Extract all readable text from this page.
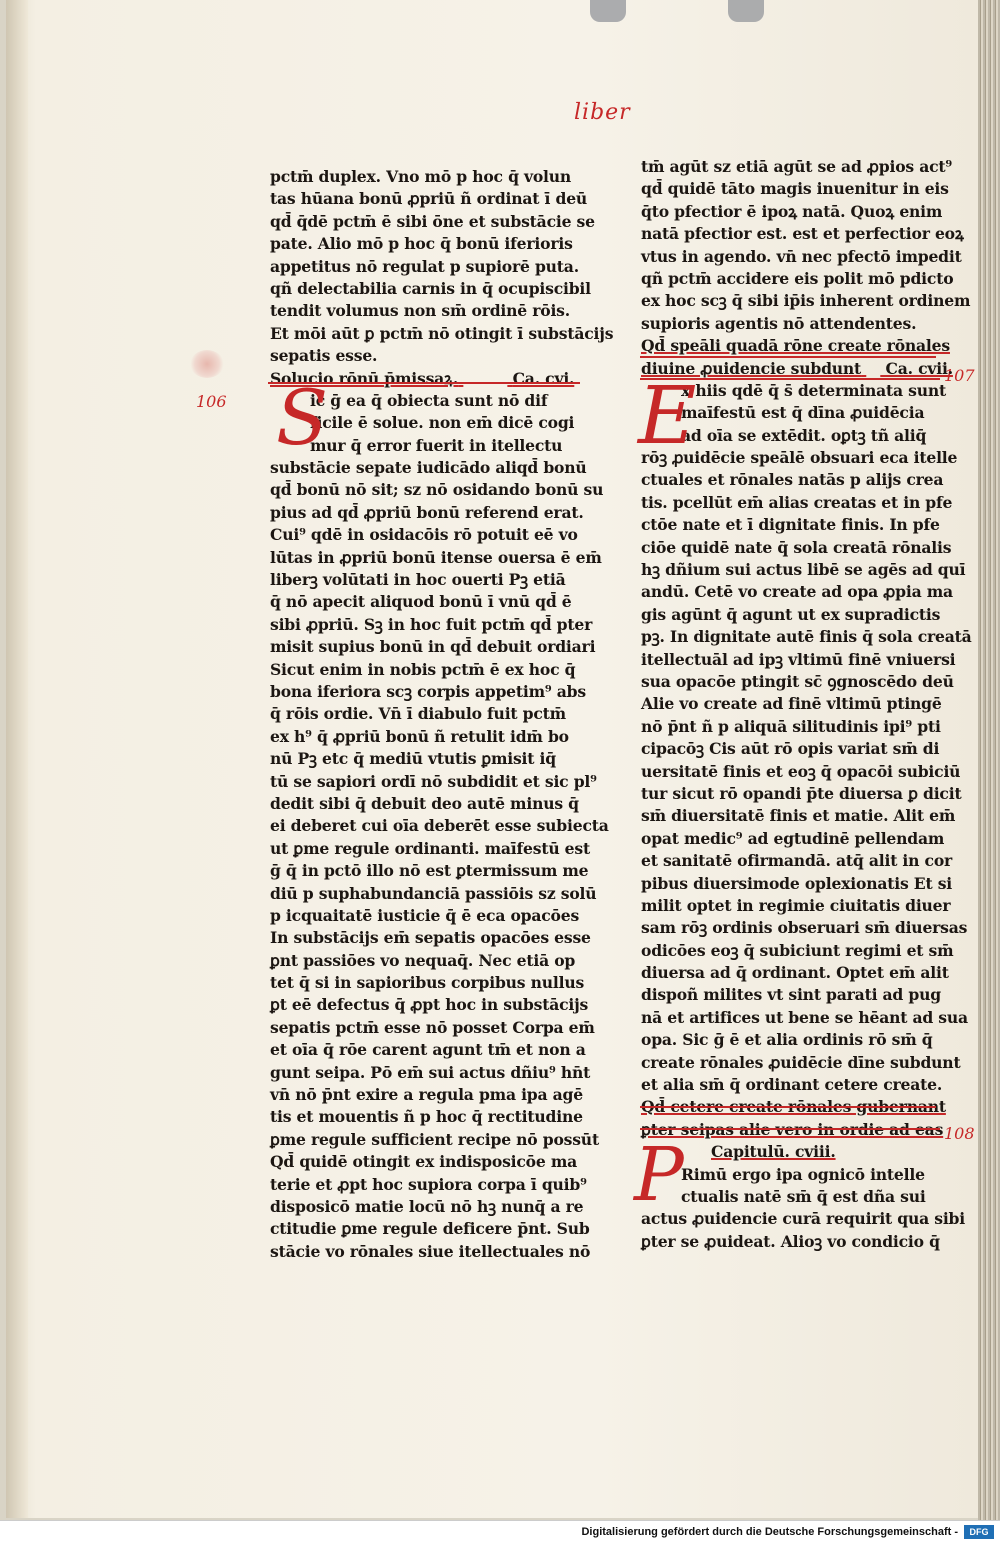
liber
106
107
108
pctm̄ duplex. Vno mō p hoc q̄ volun
tas hūana bonū ꝓpriū ñ ordinat ī deū
qd̄ q̄dē pctm̄ ē sibi ōne et substācie se
pate. Alio mō p hoc q̄ bonū iferioris
appetitus nō regulat p supiorē puta.
qñ delectabilia carnis in q̄ ocupiscibil
tendit volumus non sm̄ ordinē rōis.
Et mōi aūt ꝑ pctm̄ nō otingit ī substācijs
sepatis esse.
Solucio rōnū p̄missaꝝ.	Ca. cvi.
ic ḡ ea q̄ obiecta sunt nō dif
ficile ē solue. non em̄ dicē cogi
mur q̄ error fuerit in itellectu
substācie sepate iudicādo aliqd̄ bonū
qd̄ bonū nō sit; sz nō osidando bonū su
pius ad qd̄ ꝓpriū bonū referend erat.
Cui⁹ qdē in osidacōis rō potuit eē vo
lūtas in ꝓpriū bonū itense ouersa ē em̄
liberꝫ volūtati in hoc ouerti Pꝫ etiā
q̄ nō apecit aliquod bonū ī vnū qd̄ ē
sibi ꝓpriū. Sꝫ in hoc fuit pctm̄ qd̄ pter
misit supius bonū in qd̄ debuit ordiari
Sicut enim in nobis pctm̄ ē ex hoc q̄
bona iferiora scꝫ corpis appetim⁹ abs
q̄ rōis ordie. Vn̄ ī diabulo fuit pctm̄
ex h⁹ q̄ ꝓpriū bonū ñ retulit idm̄ bo
nū Pꝫ etc q̄ mediū vtutis ꝑmisit iq̄
tū se sapiori ordī nō subdidit et sic pl⁹
dedit sibi q̄ debuit deo autē minus q̄
ei deberet cui oīa deberēt esse subiecta
ut ꝑme regule ordinanti. maīfestū est
ḡ q̄ in pctō illo nō est ꝑtermissum me
diū p suphabundanciā passiōis sz solū
p icquaitatē iusticie q̄ ē eca opacōes
In substācijs em̄ sepatis opacōes esse
ꝑnt passiōes vo nequaq̄. Nec etiā op
tet q̄ si in sapioribus corpibus nullus
ꝑt eē defectus q̄ ꝓpt hoc in substācijs
sepatis pctm̄ esse nō posset Corpa em̄
et oīa q̄ rōe carent agunt tm̄ et non a
gunt seipa. Pō em̄ sui actus dñiu⁹ hn̄t
vn̄ nō p̄nt exire a regula pma ipa agē
tis et mouentis ñ p hoc q̄ rectitudine
ꝑme regule sufficient recipe nō possūt
Qd̄ quidē otingit ex indisposicōe ma
terie et ꝓpt hoc supiora corpa ī quib⁹
disposicō matie locū nō hꝫ nunq̄ a re
ctitudie ꝑme regule deficere p̄nt. Sub
stācie vo rōnales siue itellectuales nō
S
tm̄ agūt sz etiā agūt se ad ꝓpios act⁹
qd̄ quidē tāto magis inuenitur in eis
q̄to pfectior ē ipoꝝ natā. Quoꝝ enim
natā pfectior est. est et perfectior eoꝝ
vtus in agendo. vn̄ nec pfectō impedit
qñ pctm̄ accidere eis polit mō pdicto
ex hoc scꝫ q̄ sibi ip̄is inherent ordinem
supioris agentis nō attendentes.
Qd̄ speāli quadā rōne create rōnales
diuine ꝓuidencie subdunt Ca. cvii.
x hiis qdē q̄ s̄ determinata sunt
maīfestū est q̄ dīna ꝓuidēcia
ad oīa se extēdit. oꝑtꝫ tñ aliq̄
rōꝫ ꝓuidēcie speālē obsuari eca itelle
ctuales et rōnales natās p alijs crea
tis. pcellūt em̄ alias creatas et in pfe
ctōe nate et ī dignitate finis. In pfe
ciōe quidē nate q̄ sola creatā rōnalis
hꝫ dñium sui actus libē se agēs ad quī
andū. Cetē vo create ad opa ꝓpia ma
gis agūnt q̄ agunt ut ex supradictis
pꝫ. In dignitate autē finis q̄ sola creatā
itellectuāl ad ipꝫ vltimū finē vniuersi
sua opacōe ptingit sc̄ ꝯgnoscēdo deū
Alie vo create ad finē vltimū ptingē
nō p̄nt ñ p aliquā silitudinis ipi⁹ pti
cipacōꝫ Cis aūt rō opis variat sm̄ di
uersitatē finis et eoꝫ q̄ opacōi subiciū
tur sicut rō opandi p̄te diuersa ꝑ dicit
sm̄ diuersitatē finis et matie. Alit em̄
opat medic⁹ ad egtudinē pellendam
et sanitatē ofirmandā. atq̄ alit in cor
pibus diuersimode oplexionatis Et si
milit optet in regimie ciuitatis diuer
sam rōꝫ ordinis obseruari sm̄ diuersas
odicōes eoꝫ q̄ subiciunt regimi et sm̄
diuersa ad q̄ ordinant. Optet em̄ alit
dispoñ milites vt sint parati ad pug
nā et artifices ut bene se hēant ad sua
opa. Sic ḡ ē et alia ordinis rō sm̄ q̄
create rōnales ꝓuidēcie dīne subdunt
et alia sm̄ q̄ ordinant cetere create.
Qd̄ cetere create rōnales gubernant
ꝑter seipas alie vero in ordie ad eas
Capitulū. cviii.
Rimū ergo ipa ognicō intelle
ctualis natē sm̄ q̄ est dña sui
actus ꝓuidencie curā requirit qua sibi
ꝑter se ꝓuideat. Alioꝫ vo condicio q̄
E
P
Digitalisierung gefördert durch die Deutsche Forschungsgemeinschaft -	DFG
